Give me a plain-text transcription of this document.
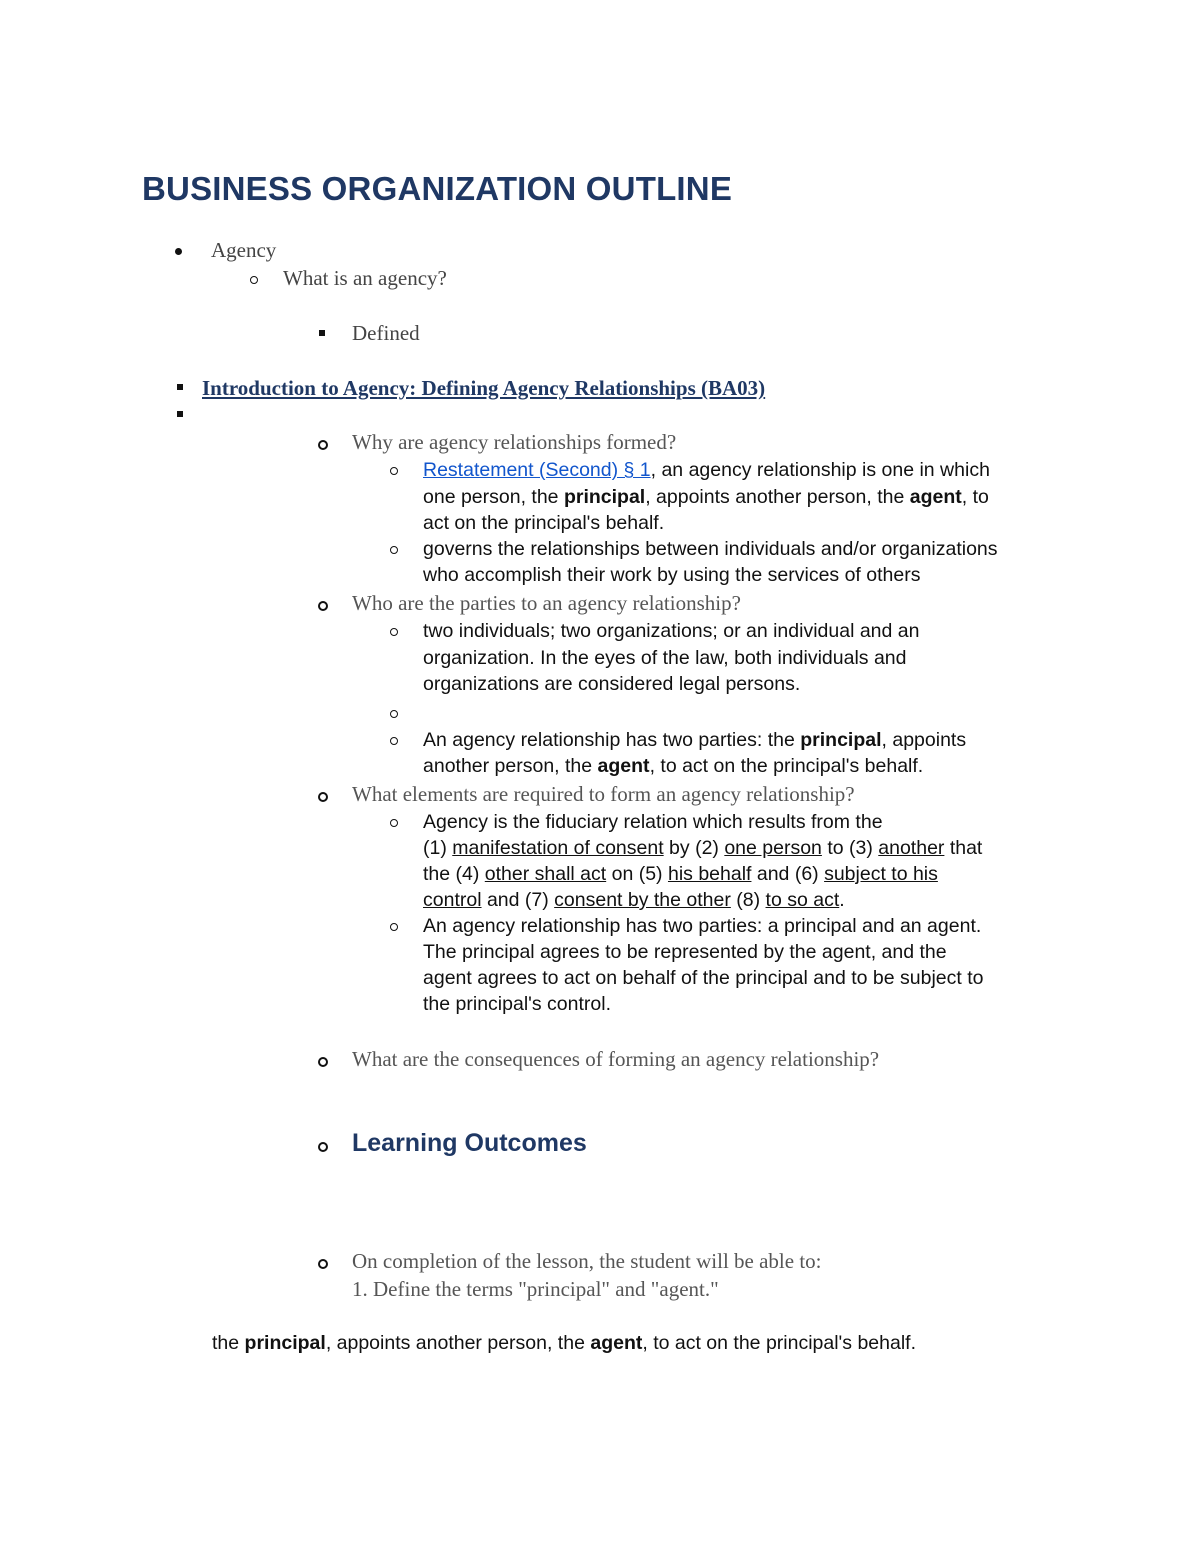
BUSINESS ORGANIZATION OUTLINE
Agency
What is an agency?
Defined
Introduction to Agency: Defining Agency Relationships (BA03)
Why are agency relationships formed?
Restatement (Second) § 1, an agency relationship is one in which
one person, the principal, appoints another person, the agent, to
act on the principal's behalf.
governs the relationships between individuals and/or organizations
who accomplish their work by using the services of others
Who are the parties to an agency relationship?
two individuals; two organizations; or an individual and an
organization. In the eyes of the law, both individuals and
organizations are considered legal persons.
An agency relationship has two parties: the principal, appoints
another person, the agent, to act on the principal's behalf.
What elements are required to form an agency relationship?
Agency is the fiduciary relation which results from the
(1) manifestation of consent by (2) one person to (3) another that
the (4) other shall act on (5) his behalf and (6) subject to his
control and (7) consent by the other (8) to so act.
An agency relationship has two parties: a principal and an agent.
The principal agrees to be represented by the agent, and the
agent agrees to act on behalf of the principal and to be subject to
the principal's control.
What are the consequences of forming an agency relationship?
Learning Outcomes
On completion of the lesson, the student will be able to:
1. Define the terms "principal" and "agent."
the principal, appoints another person, the agent, to act on the principal's behalf.
